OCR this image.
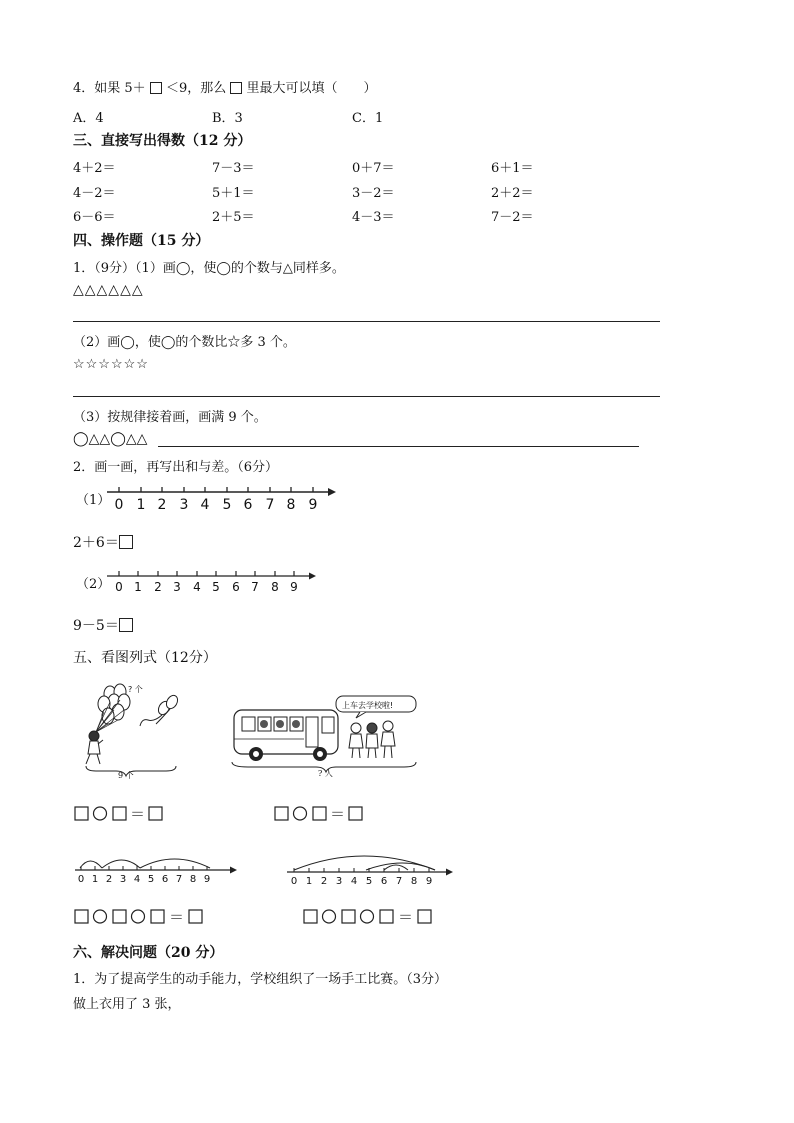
4．如果 5＋ ＜9，那么 里最大可以填（　　）
A．4	B．3	C．1
三、直接写出得数（12 分）
4＋2＝	7－3＝	0＋7＝	6＋1＝
4－2＝	5＋1＝	3－2＝	2＋2＝
6－6＝	2＋5＝	4－3＝	7－2＝
四、操作题（15 分）
1．（9分）（1）画◯，使◯的个数与△同样多。
△△△△△△
（2）画◯，使◯的个数比☆多 3 个。
☆☆☆☆☆☆
（3）按规律接着画，画满 9 个。
◯△△◯△△
2．画一画，再写出和与差。（6分）
（1） 0 1 2 3 4 5 6 7 8 9
2＋6＝
（2） 0 1 2 3 4 5 6 7 8 9
9－5＝
五、看图列式（12分）
? 个
9 个
上车去学校啦!
? 人
＝	＝
0 1 2 3 4 5 6 7 8 9	0 1 2 3 4 5 6 7 8 9
＝	＝
六、解决问题（20 分）
1．为了提高学生的动手能力，学校组织了一场手工比赛。（3分）
做上衣用了 3 张，
